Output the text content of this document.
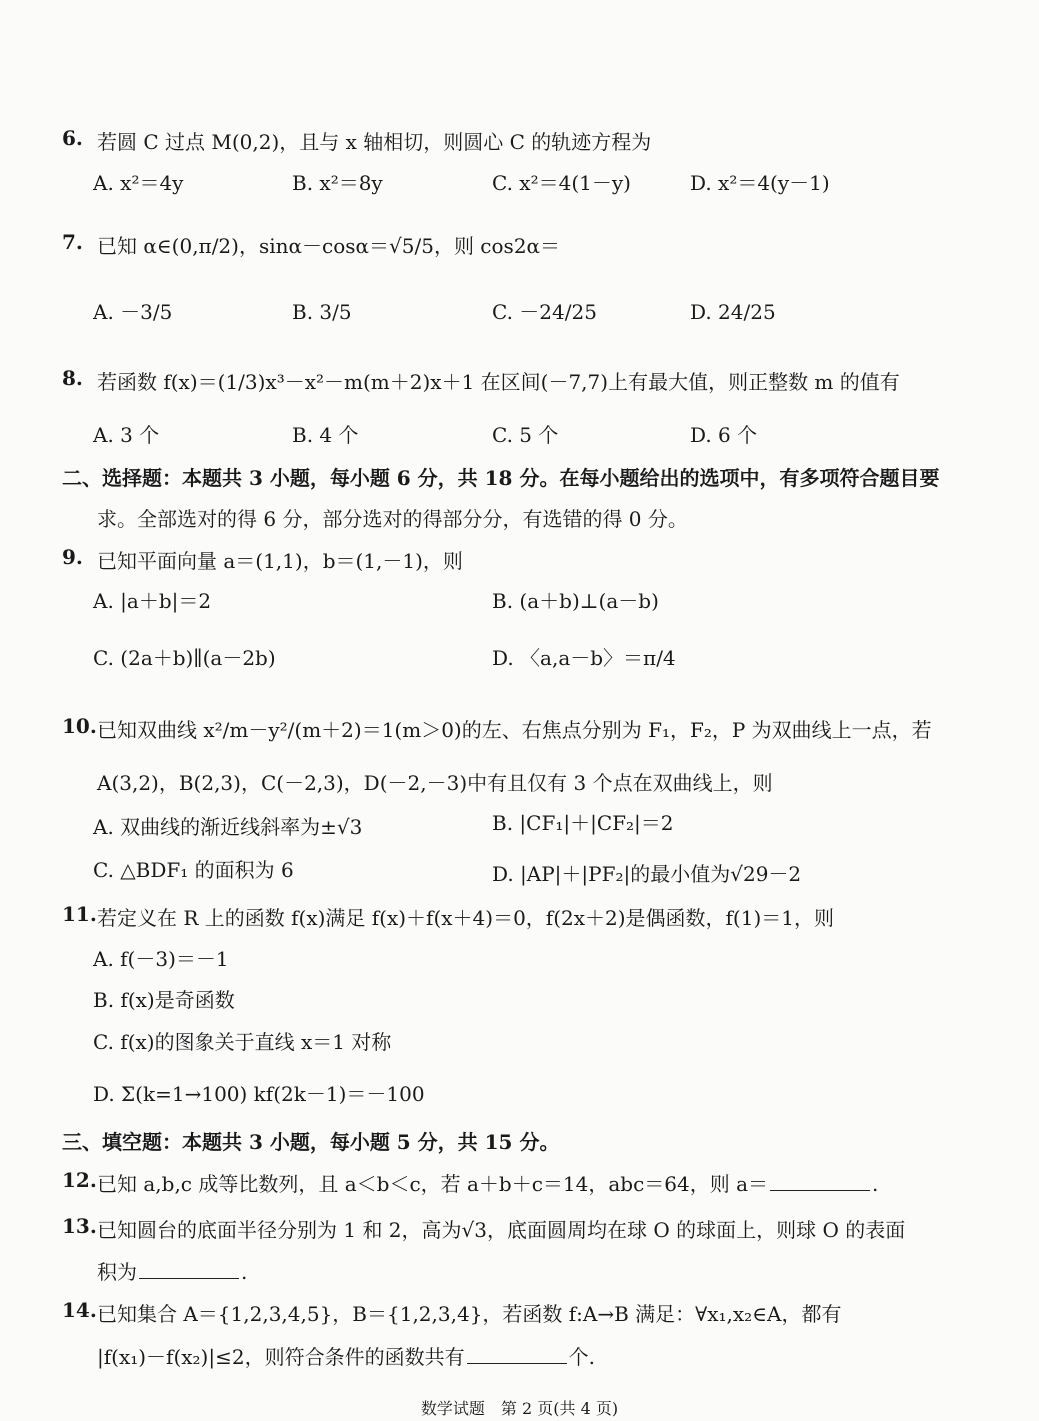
6. 若圆 C 过点 M(0,2)，且与 x 轴相切，则圆心 C 的轨迹方程为
A. x²＝4y	B. x²＝8y	C. x²＝4(1－y)	D. x²＝4(y－1)
7. 已知 α∈(0,π/2)，sinα－cosα＝√5/5，则 cos2α＝
A. －3/5	B. 3/5	C. －24/25	D. 24/25
8. 若函数 f(x)＝(1/3)x³－x²－m(m＋2)x＋1 在区间(－7,7)上有最大值，则正整数 m 的值有
A. 3 个	B. 4 个	C. 5 个	D. 6 个
二、选择题：本题共 3 小题，每小题 6 分，共 18 分。在每小题给出的选项中，有多项符合题目要
求。全部选对的得 6 分，部分选对的得部分分，有选错的得 0 分。
9. 已知平面向量 a＝(1,1)，b＝(1,－1)，则
A. |a＋b|＝2	B. (a＋b)⊥(a－b)
C. (2a＋b)∥(a－2b)	D. 〈a,a－b〉＝π/4
10. 已知双曲线 x²/m－y²/(m＋2)＝1(m＞0)的左、右焦点分别为 F₁，F₂，P 为双曲线上一点，若
A(3,2)，B(2,3)，C(－2,3)，D(－2,－3)中有且仅有 3 个点在双曲线上，则
A. 双曲线的渐近线斜率为±√3	B. |CF₁|＋|CF₂|＝2
C. △BDF₁ 的面积为 6	D. |AP|＋|PF₂|的最小值为√29－2
11. 若定义在 R 上的函数 f(x)满足 f(x)＋f(x＋4)＝0，f(2x＋2)是偶函数，f(1)＝1，则
A. f(－3)＝－1
B. f(x)是奇函数
C. f(x)的图象关于直线 x＝1 对称
D. Σ(k=1→100) kf(2k－1)＝－100
三、填空题：本题共 3 小题，每小题 5 分，共 15 分。
12. 已知 a,b,c 成等比数列，且 a＜b＜c，若 a＋b＋c＝14，abc＝64，则 a＝	.
13. 已知圆台的底面半径分别为 1 和 2，高为√3，底面圆周均在球 O 的球面上，则球 O 的表面
积为	.
14. 已知集合 A＝{1,2,3,4,5}，B＝{1,2,3,4}，若函数 f:A→B 满足：∀x₁,x₂∈A，都有
|f(x₁)－f(x₂)|≤2，则符合条件的函数共有	个.
数学试题　第 2 页(共 4 页)
